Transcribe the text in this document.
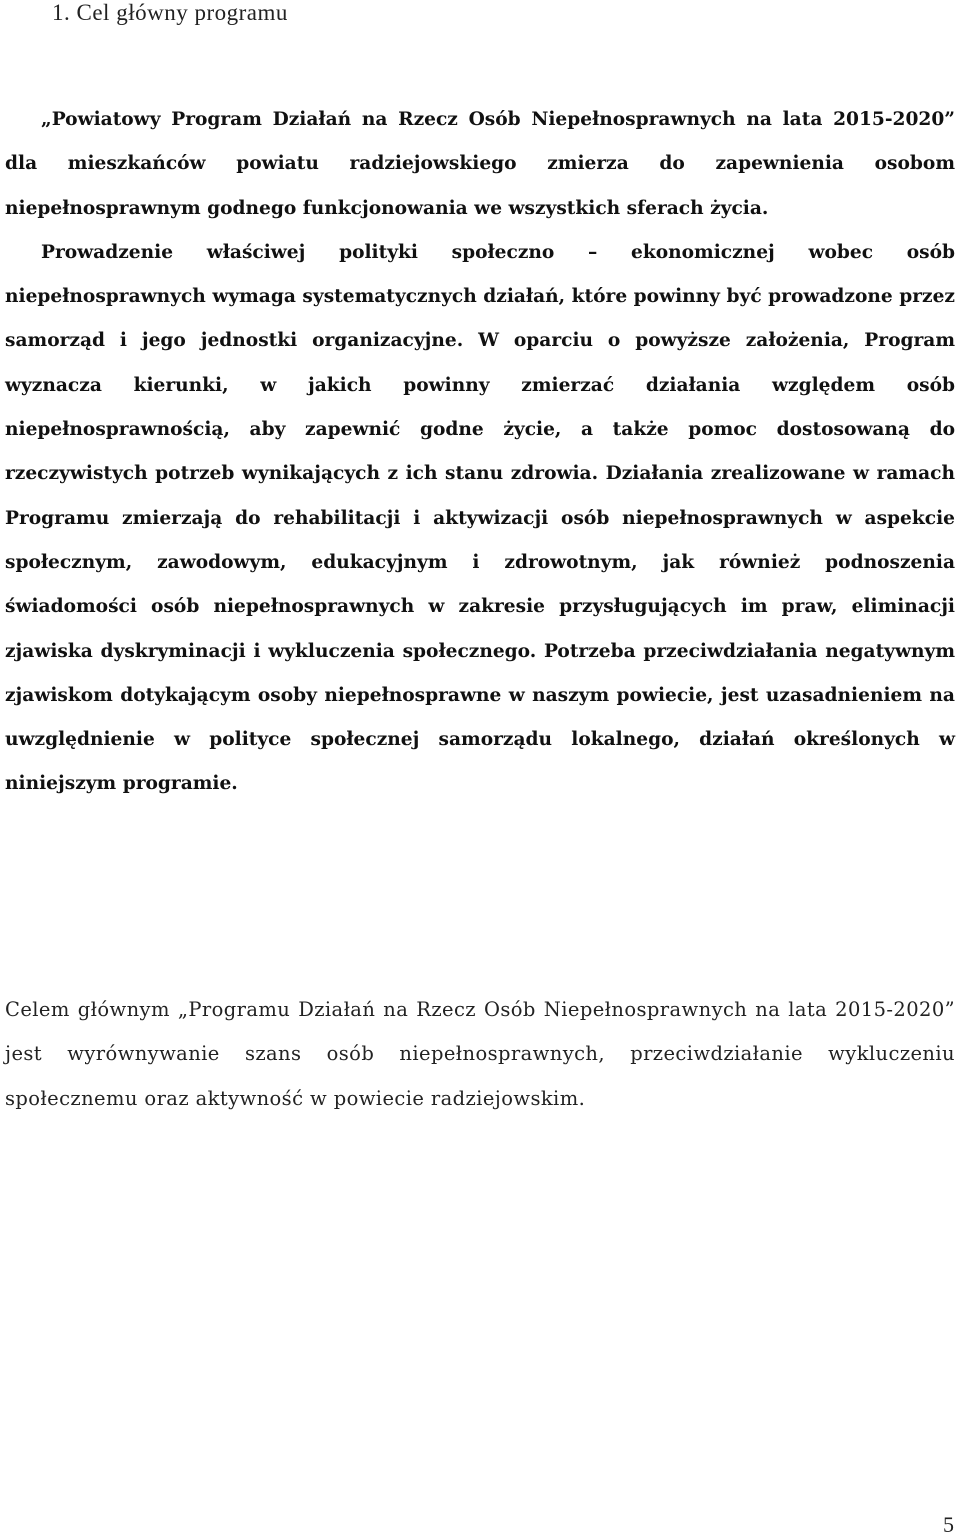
1. Cel główny programu

„Powiatowy Program Działań na Rzecz Osób Niepełnosprawnych na lata 2015-2020” dla mieszkańców powiatu radziejowskiego zmierza do zapewnienia osobom niepełnosprawnym godnego funkcjonowania we wszystkich sferach życia.
Prowadzenie właściwej polityki społeczno – ekonomicznej wobec osób niepełnosprawnych wymaga systematycznych działań, które powinny być prowadzone przez samorząd i jego jednostki organizacyjne. W oparciu o powyższe założenia, Program wyznacza kierunki, w jakich powinny zmierzać działania względem osób niepełnosprawnością, aby zapewnić godne życie, a także pomoc dostosowaną do rzeczywistych potrzeb wynikających z ich stanu zdrowia. Działania zrealizowane w ramach Programu zmierzają do rehabilitacji i aktywizacji osób niepełnosprawnych w aspekcie społecznym, zawodowym, edukacyjnym i zdrowotnym, jak również podnoszenia świadomości osób niepełnosprawnych w zakresie przysługujących im praw, eliminacji zjawiska dyskryminacji i wykluczenia społecznego. Potrzeba przeciwdziałania negatywnym zjawiskom dotykającym osoby niepełnosprawne w naszym powiecie, jest uzasadnieniem na uwzględnienie w polityce społecznej samorządu lokalnego, działań określonych w niniejszym programie.

Celem głównym „Programu Działań na Rzecz Osób Niepełnosprawnych na lata 2015-2020” jest wyrównywanie szans osób niepełnosprawnych, przeciwdziałanie wykluczeniu społecznemu oraz aktywność w powiecie radziejowskim.

5
